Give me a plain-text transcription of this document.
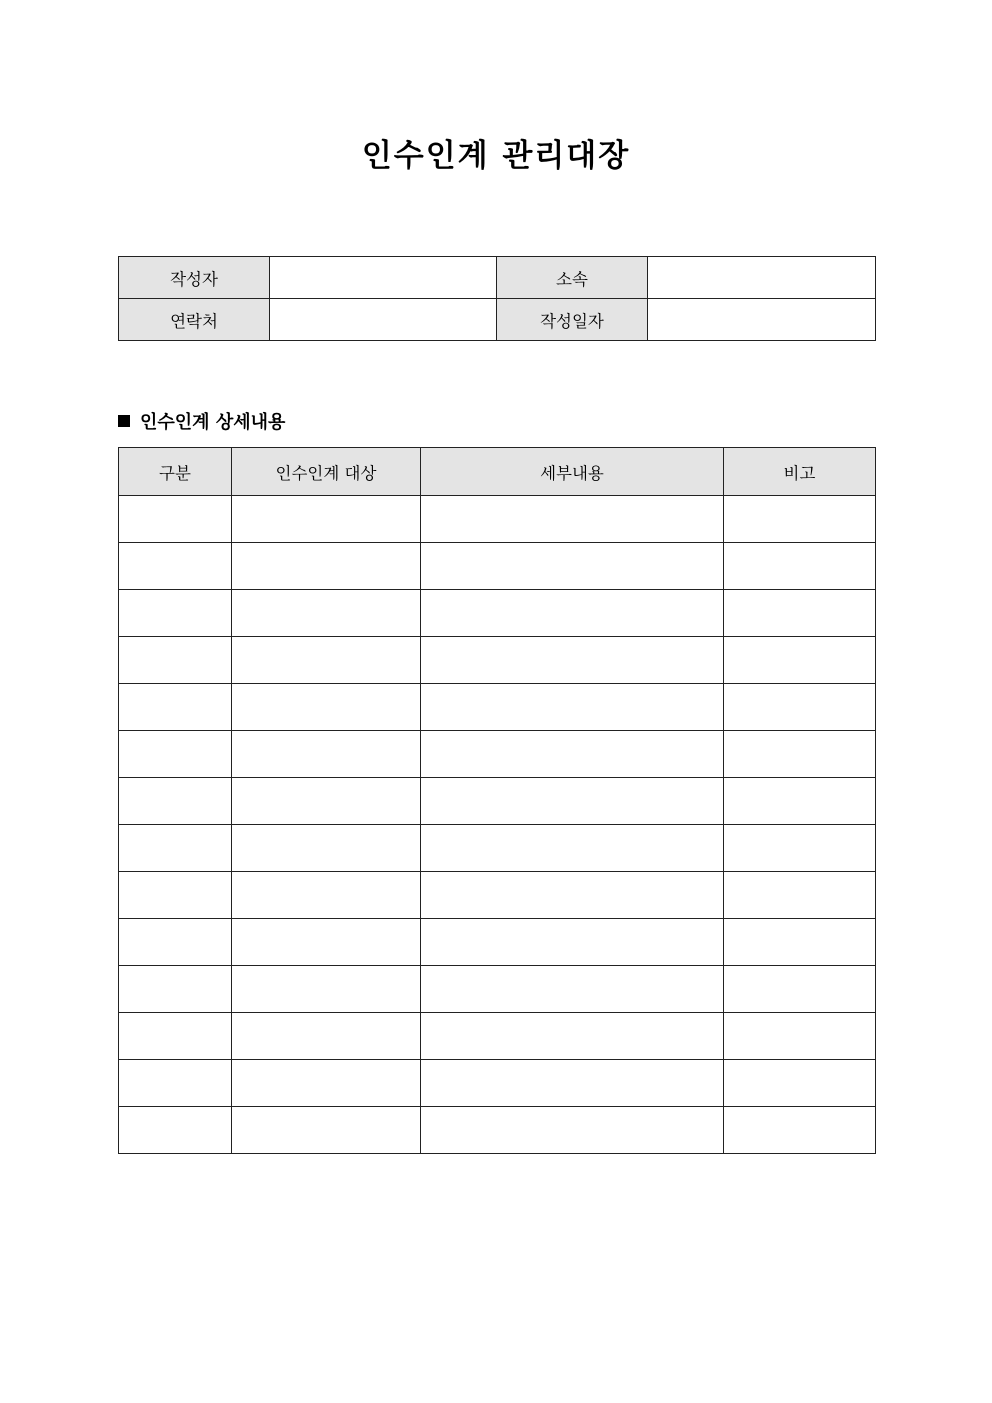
인수인계 관리대장
작성자		소속	
연락처		작성일자	
인수인계 상세내용
구분	인수인계 대상	세부내용	비고
